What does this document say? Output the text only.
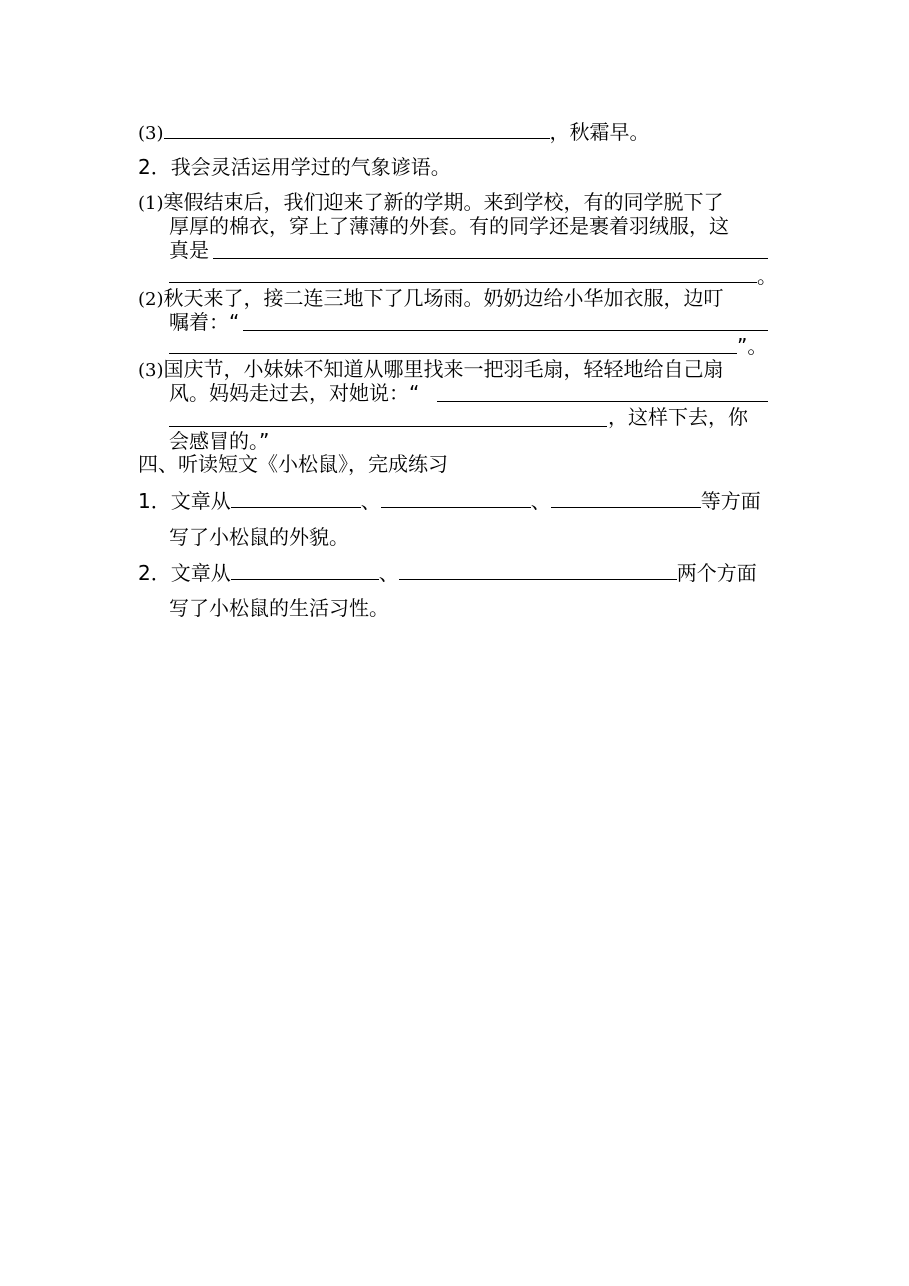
(3)	，秋霜早。
2．我会灵活运用学过的气象谚语。
(1)寒假结束后，我们迎来了新的学期。来到学校，有的同学脱下了
厚厚的棉衣，穿上了薄薄的外套。有的同学还是裹着羽绒服，这
真是
。
(2)秋天来了，接二连三地下了几场雨。奶奶边给小华加衣服，边叮
嘱着：“
”。
(3)国庆节，小妹妹不知道从哪里找来一把羽毛扇，轻轻地给自己扇
风。妈妈走过去，对她说：“
，这样下去，你
会感冒的。”
四、听读短文《小松鼠》，完成练习
1．文章从	、	、	等方面
写了小松鼠的外貌。
2．文章从	、	两个方面
写了小松鼠的生活习性。
